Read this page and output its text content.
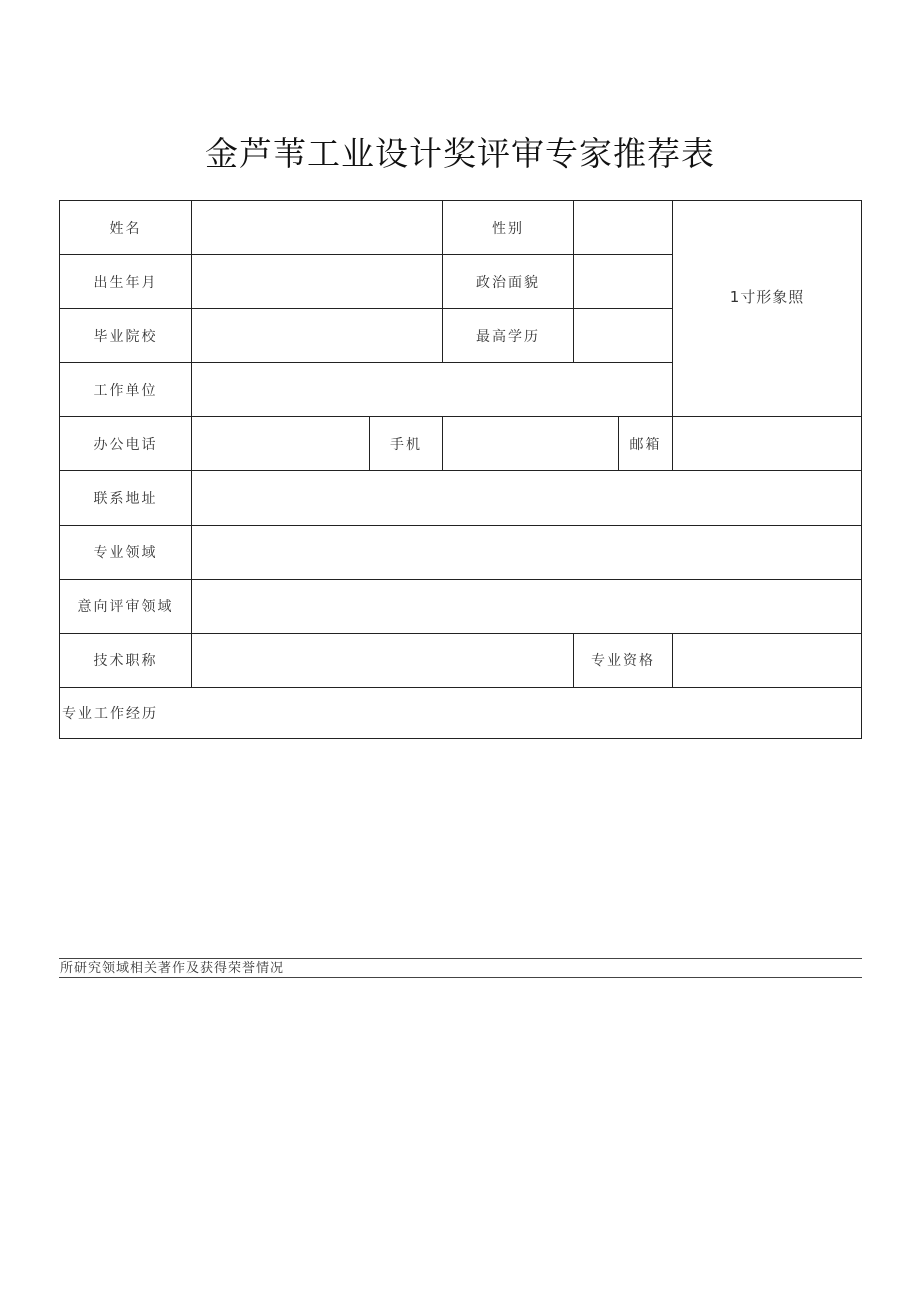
金芦苇工业设计奖评审专家推荐表
姓名			性别			1寸形象照
出生年月			政治面貌			
毕业院校			最高学历			
工作单位						
办公电话		手机			邮箱	
联系地址						
专业领域						
意向评审领域						
技术职称				专业资格		
专业工作经历						
所研究领域相关著作及获得荣誉情况
